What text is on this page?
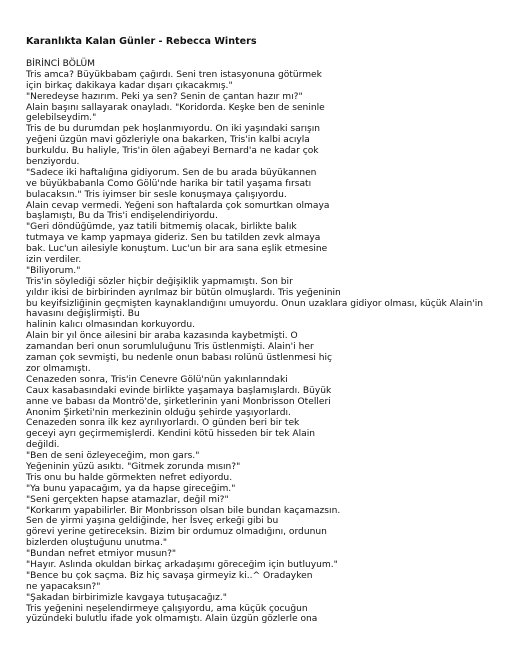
Karanlıkta Kalan Günler - Rebecca Winters
BİRİNCİ BÖLÜM
Tris amca? Büyükbabam çağırdı. Seni tren istasyonuna götürmek
için birkaç dakikaya kadar dışarı çıkacakmış."
"Neredeyse hazırım. Peki ya sen? Senin de çantan hazır mı?"
Alain başını sallayarak onayladı. "Koridorda. Keşke ben de seninle
gelebilseydim."
Tris de bu durumdan pek hoşlanmıyordu. On iki yaşındaki sarışın
yeğeni üzgün mavi gözleriyle ona bakarken, Tris'in kalbi acıyla
burkuldu. Bu haliyle, Tris'in ölen ağabeyi Bernard'a ne kadar çok
benziyordu.
"Sadece iki haftalığına gidiyorum. Sen de bu arada büyükannen
ve büyükbabanla Como Gölü'nde harika bir tatil yaşama fırsatı
bulacaksın." Tris iyimser bir sesle konuşmaya çalışıyordu.
Alain cevap vermedi. Yeğeni son haftalarda çok somurtkan olmaya
başlamıştı, Bu da Tris'i endişelendiriyordu.
"Geri döndüğümde, yaz tatili bitmemiş olacak, birlikte balık
tutmaya ve kamp yapmaya gideriz. Sen bu tatilden zevk almaya
bak. Luc'un ailesiyle konuştum. Luc'un bir ara sana eşlik etmesine
izin verdiler.
"Biliyorum."
Tris'in söylediği sözler hiçbir değişiklik yapmamıştı. Son bir
yıldır ikisi de birbirinden ayrılmaz bir bütün olmuşlardı. Tris yeğeninin
bu keyifsizliğinin geçmişten kaynaklandığını umuyordu. Onun uzaklara gidiyor olması, küçük Alain'in
havasını değişlirmişti. Bu
halinin kalıcı olmasından korkuyordu.
Alain bir yıl önce ailesini bir araba kazasında kaybetmişti. O
zamandan beri onun sorumluluğunu Tris üstlenmişti. Alain'i her
zaman çok sevmişti, bu nedenle onun babası rolünü üstlenmesi hiç
zor olmamıştı.
Cenazeden sonra, Tris'in Cenevre Gölü'nün yakınlarındaki
Caux kasabasındaki evinde birlikte yaşamaya başlamışlardı. Büyük
anne ve babası da Montrö'de, şirketlerinin yani Monbrisson Otelleri
Anonim Şirketi'nin merkezinin olduğu şehirde yaşıyorlardı.
Cenazeden sonra ilk kez ayrılıyorlardı. O günden beri bir tek
geceyi ayrı geçirmemişlerdi. Kendini kötü hisseden bir tek Alain
değildi.
"Ben de seni özleyeceğim, mon gars."
Yeğeninin yüzü asıktı. "Gitmek zorunda mısın?"
Tris onu bu halde görmekten nefret ediyordu.
"Ya bunu yapacağım, ya da hapse gireceğim."
"Seni gerçekten hapse atamazlar, değil mi?"
"Korkarım yapabilirler. Bir Monbrisson olsan bile bundan kaçamazsın.
Sen de yirmi yaşına geldiğinde, her İsveç erkeği gibi bu
görevi yerine getireceksin. Bizim bir ordumuz olmadığını, ordunun
bizlerden oluştuğunu unutma."
"Bundan nefret etmiyor musun?"
"Hayır. Aslında okuldan birkaç arkadaşımı göreceğim için butluyum."
"Bence bu çok saçma. Biz hiç savaşa girmeyiz ki..^ Oradayken
ne yapacaksın?"
"Şakadan birbirimizle kavgaya tutuşacağız."
Tris yeğenini neşelendirmeye çalışıyordu, ama küçük çocuğun
yüzündeki bulutlu ifade yok olmamıştı. Alain üzgün gözlerle ona
